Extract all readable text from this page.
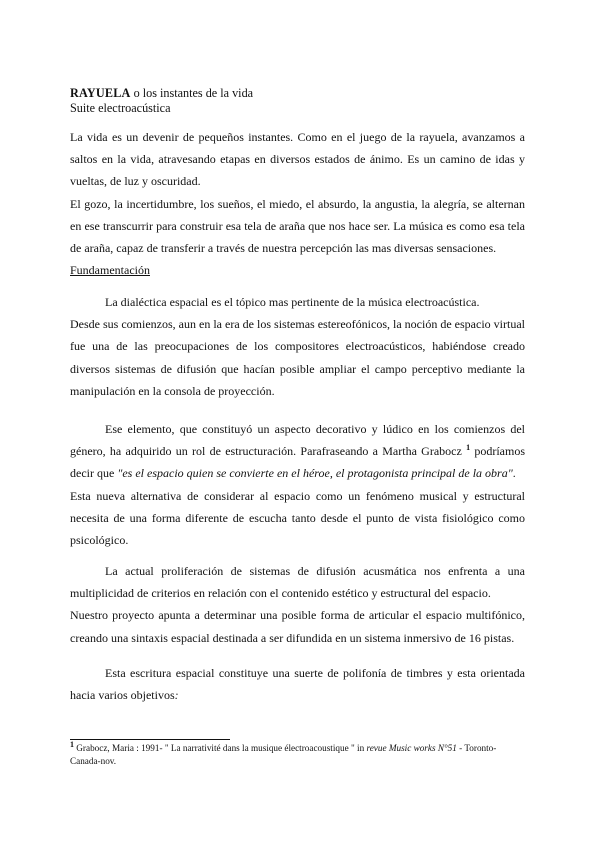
RAYUELA o los instantes de la vida
Suite electroacústica

La vida es un devenir de pequeños instantes. Como en el juego de la rayuela, avanzamos a saltos en la vida, atravesando etapas en diversos estados de ánimo. Es un camino de idas y vueltas, de luz y oscuridad.

El gozo, la incertidumbre, los sueños, el miedo, el absurdo, la angustia, la alegría, se alternan en ese transcurrir para construir esa tela de araña que nos hace ser. La música es como esa tela de araña, capaz de transferir a través de nuestra percepción las mas diversas sensaciones.

Fundamentación

La dialéctica espacial es el tópico mas pertinente de la música electroacústica.

Desde sus comienzos, aun en la era de los sistemas estereofónicos, la noción de espacio virtual fue una de las preocupaciones de los compositores electroacústicos, habiéndose creado diversos sistemas de difusión que hacían posible ampliar el campo perceptivo mediante la manipulación en la consola de proyección.

Ese elemento, que constituyó un aspecto decorativo y lúdico en los comienzos del género, ha adquirido un rol de estructuración. Parafraseando a Martha Grabocz $^1$ podríamos decir que "es el espacio quien se convierte en el héroe, el protagonista principal de la obra".

Esta nueva alternativa de considerar al espacio como un fenómeno musical y estructural necesita de una forma diferente de escucha tanto desde el punto de vista fisiológico como psicológico.

La actual proliferación de sistemas de difusión acusmática nos enfrenta a una multiplicidad de criterios en relación con el contenido estético y estructural del espacio.

Nuestro proyecto apunta a determinar una posible forma de articular el espacio multifónico, creando una sintaxis espacial destinada a ser difundida en un sistema inmersivo de 16 pistas.

Esta escritura espacial constituye una suerte de polifonía de timbres y esta orientada hacia varios objetivos:

$^1$ Grabocz, Maria : 1991- " La narrativité dans la musique électroacoustique " in revue Music works N°51 - Toronto-Canada-nov.
